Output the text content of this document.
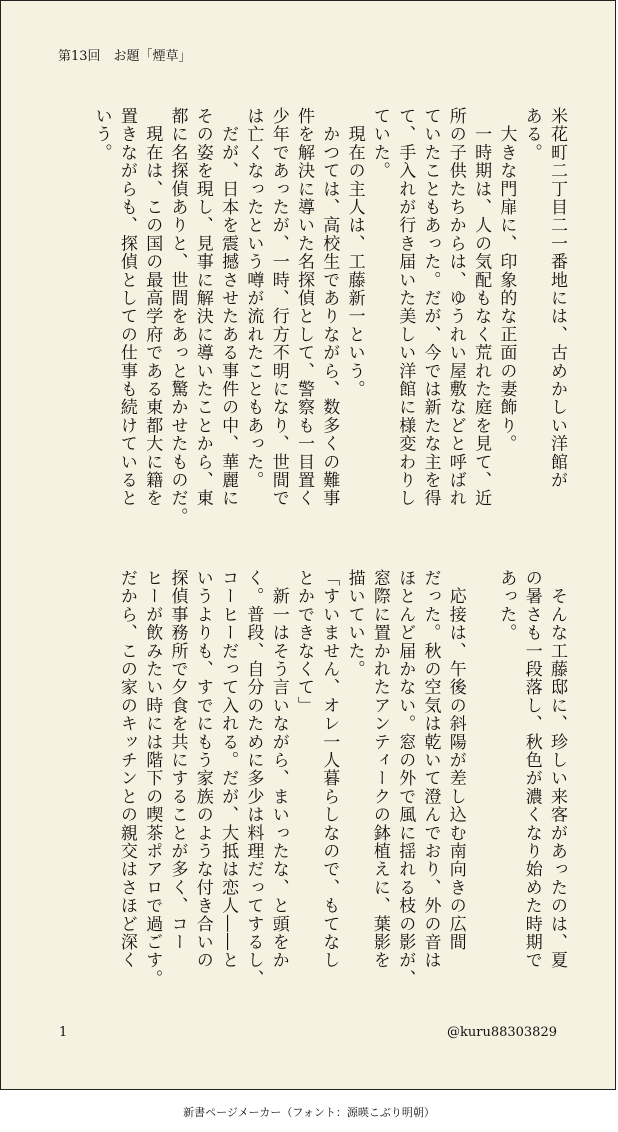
第13回　お題「煙草」
米花町二丁目二一番地には、古めかしい洋館が
ある。
　大きな門扉に、印象的な正面の妻飾り。
　一時期は、人の気配もなく荒れた庭を見て、近
所の子供たちからは、ゆうれい屋敷などと呼ばれ
ていたこともあった。だが、今では新たな主を得
て、手入れが行き届いた美しい洋館に様変わりし
ていた。
　現在の主人は、工藤新一という。
　かつては、高校生でありながら、数多くの難事
件を解決に導いた名探偵として、警察も一目置く
少年であったが、一時、行方不明になり、世間で
は亡くなったという噂が流れたこともあった。
　だが、日本を震撼させたある事件の中、華麗に
その姿を現し、見事に解決に導いたことから、東
都に名探偵ありと、世間をあっと驚かせたものだ。
　現在は、この国の最高学府である東都大に籍を
置きながらも、探偵としての仕事も続けていると
いう。
　そんな工藤邸に、珍しい来客があったのは、夏
の暑さも一段落し、秋色が濃くなり始めた時期で
あった。
　応接は、午後の斜陽が差し込む南向きの広間
だった。秋の空気は乾いて澄んでおり、外の音は
ほとんど届かない。窓の外で風に揺れる枝の影が、
窓際に置かれたアンティークの鉢植えに、葉影を
描いていた。
「すいません、オレ一人暮らしなので、もてなし
とかできなくて」
　新一はそう言いながら、まいったな、と頭をか
く。普段、自分のために多少は料理だってするし、
コーヒーだって入れる。だが、大抵は恋人――と
いうよりも、すでにもう家族のような付き合いの
探偵事務所で夕食を共にすることが多く、コー
ヒーが飲みたい時には階下の喫茶ポアロで過ごす。
だから、この家のキッチンとの親交はさほど深く
1	@kuru88303829
新書ページメーカー（フォント：源暎こぶり明朝）
